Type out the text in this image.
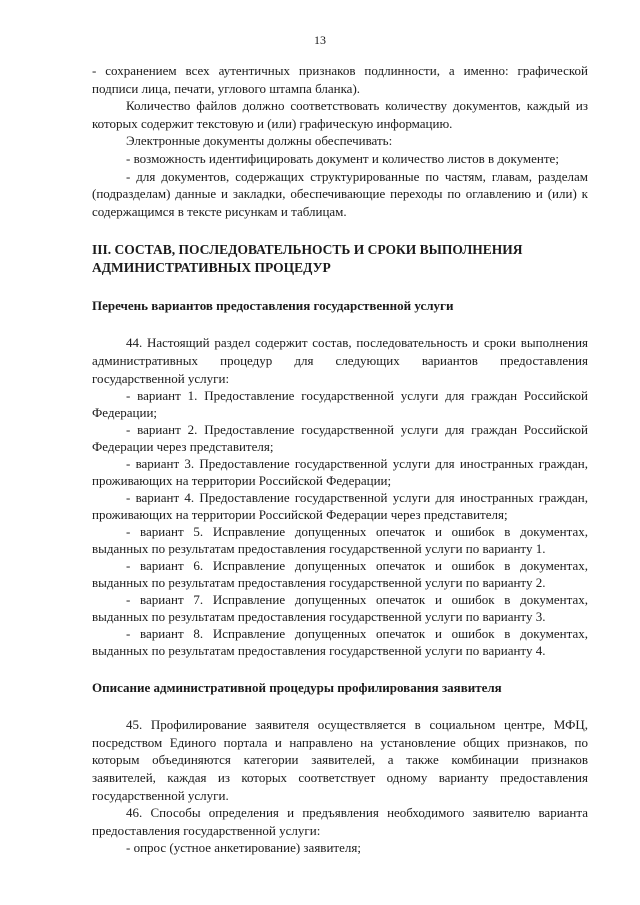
13

- сохранением всех аутентичных признаков подлинности, а именно: графической подписи лица, печати, углового штампа бланка).

Количество файлов должно соответствовать количеству документов, каждый из которых содержит текстовую и (или) графическую информацию.

Электронные документы должны обеспечивать:

- возможность идентифицировать документ и количество листов в документе;

- для документов, содержащих структурированные по частям, главам, разделам (подразделам) данные и закладки, обеспечивающие переходы по оглавлению и (или) к содержащимся в тексте рисункам и таблицам.

III. СОСТАВ, ПОСЛЕДОВАТЕЛЬНОСТЬ И СРОКИ ВЫПОЛНЕНИЯ

АДМИНИСТРАТИВНЫХ ПРОЦЕДУР

Перечень вариантов предоставления государственной услуги

44. Настоящий раздел содержит состав, последовательность и сроки выполнения административных процедур для следующих вариантов предоставления государственной услуги:

- вариант 1. Предоставление государственной услуги для граждан Российской Федерации;

- вариант 2. Предоставление государственной услуги для граждан Российской Федерации через представителя;

- вариант 3. Предоставление государственной услуги для иностранных граждан, проживающих на территории Российской Федерации;

- вариант 4. Предоставление государственной услуги для иностранных граждан, проживающих на территории Российской Федерации через представителя;

- вариант 5. Исправление допущенных опечаток и ошибок в документах, выданных по результатам предоставления государственной услуги по варианту 1.

- вариант 6. Исправление допущенных опечаток и ошибок в документах, выданных по результатам предоставления государственной услуги по варианту 2.

- вариант 7. Исправление допущенных опечаток и ошибок в документах, выданных по результатам предоставления государственной услуги по варианту 3.

- вариант 8. Исправление допущенных опечаток и ошибок в документах, выданных по результатам предоставления государственной услуги по варианту 4.

Описание административной процедуры профилирования заявителя

45. Профилирование заявителя осуществляется в социальном центре, МФЦ, посредством Единого портала и направлено на установление общих признаков, по которым объединяются категории заявителей, а также комбинации признаков заявителей, каждая из которых соответствует одному варианту предоставления государственной услуги.

46. Способы определения и предъявления необходимого заявителю варианта предоставления государственной услуги:

- опрос (устное анкетирование) заявителя;
